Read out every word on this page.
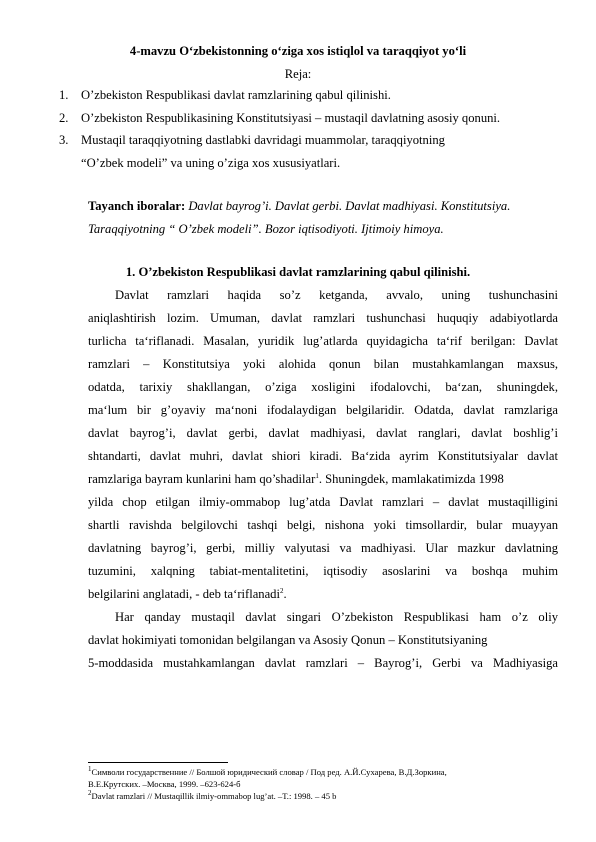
4-mavzu O‘zbekistonning o‘ziga xos istiqlol va taraqqiyot yo‘li
Reja:
1. O’zbekiston Respublikasi davlat ramzlarining qabul qilinishi.
2. O’zbekiston Respublikasining Konstitutsiyasi – mustaqil davlatning asosiy qonuni.
3. Mustaqil taraqqiyotning dastlabki davridagi muammolar, taraqqiyotning
“O’zbek modeli” va uning o’ziga xos xususiyatlari.
Tayanch iboralar: Davlat bayrog’i. Davlat gerbi. Davlat madhiyasi. Konstitutsiya.
Taraqqiyotning “ O’zbek modeli”. Bozor iqtisodiyoti. Ijtimoiy himoya.
1. O’zbekiston Respublikasi davlat ramzlarining qabul qilinishi.
Davlat ramzlari haqida so’z ketganda, avvalo, uning tushunchasini
aniqlashtirish lozim. Umuman, davlat ramzlari tushunchasi huquqiy adabiyotlarda
turlicha ta‘riflanadi. Masalan, yuridik lug’atlarda quyidagicha ta‘rif berilgan: Davlat
ramzlari – Konstitutsiya yoki alohida qonun bilan mustahkamlangan maxsus,
odatda, tarixiy shakllangan, o’ziga xosligini ifodalovchi, ba‘zan, shuningdek,
ma‘lum bir g’oyaviy ma‘noni ifodalaydigan belgilaridir. Odatda, davlat ramzlariga
davlat bayrog’i, davlat gerbi, davlat madhiyasi, davlat ranglari, davlat boshlig’i
shtandarti, davlat muhri, davlat shiori kiradi. Ba‘zida ayrim Konstitutsiyalar davlat
ramzlariga bayram kunlarini ham qo’shadilar$^1$. Shuningdek, mamlakatimizda 1998
yilda chop etilgan ilmiy-ommabop lug’atda Davlat ramzlari – davlat mustaqilligini
shartli ravishda belgilovchi tashqi belgi, nishona yoki timsollardir, bular muayyan
davlatning bayrog’i, gerbi, milliy valyutasi va madhiyasi. Ular mazkur davlatning
tuzumini, xalqning tabiat-mentalitetini, iqtisodiy asoslarini va boshqa muhim
belgilarini anglatadi, - deb ta‘riflanadi$^2$.
Har qanday mustaqil davlat singari O’zbekiston Respublikasi ham o’z oliy
davlat hokimiyati tomonidan belgilangan va Asosiy Qonun – Konstitutsiyaning
5-moddasida mustahkamlangan davlat ramzlari – Bayrog’i, Gerbi va Madhiyasiga
$^1$Символи государственние // Болшой юридический словар / Под ред. А.Й.Сухарева, В.Д.Зоркина,
В.Е.Крутских. –Москва, 1999. –623-624-б
$^2$Davlat ramzlari // Mustaqillik ilmiy-ommabop lug’at. –T.: 1998. – 45 b
